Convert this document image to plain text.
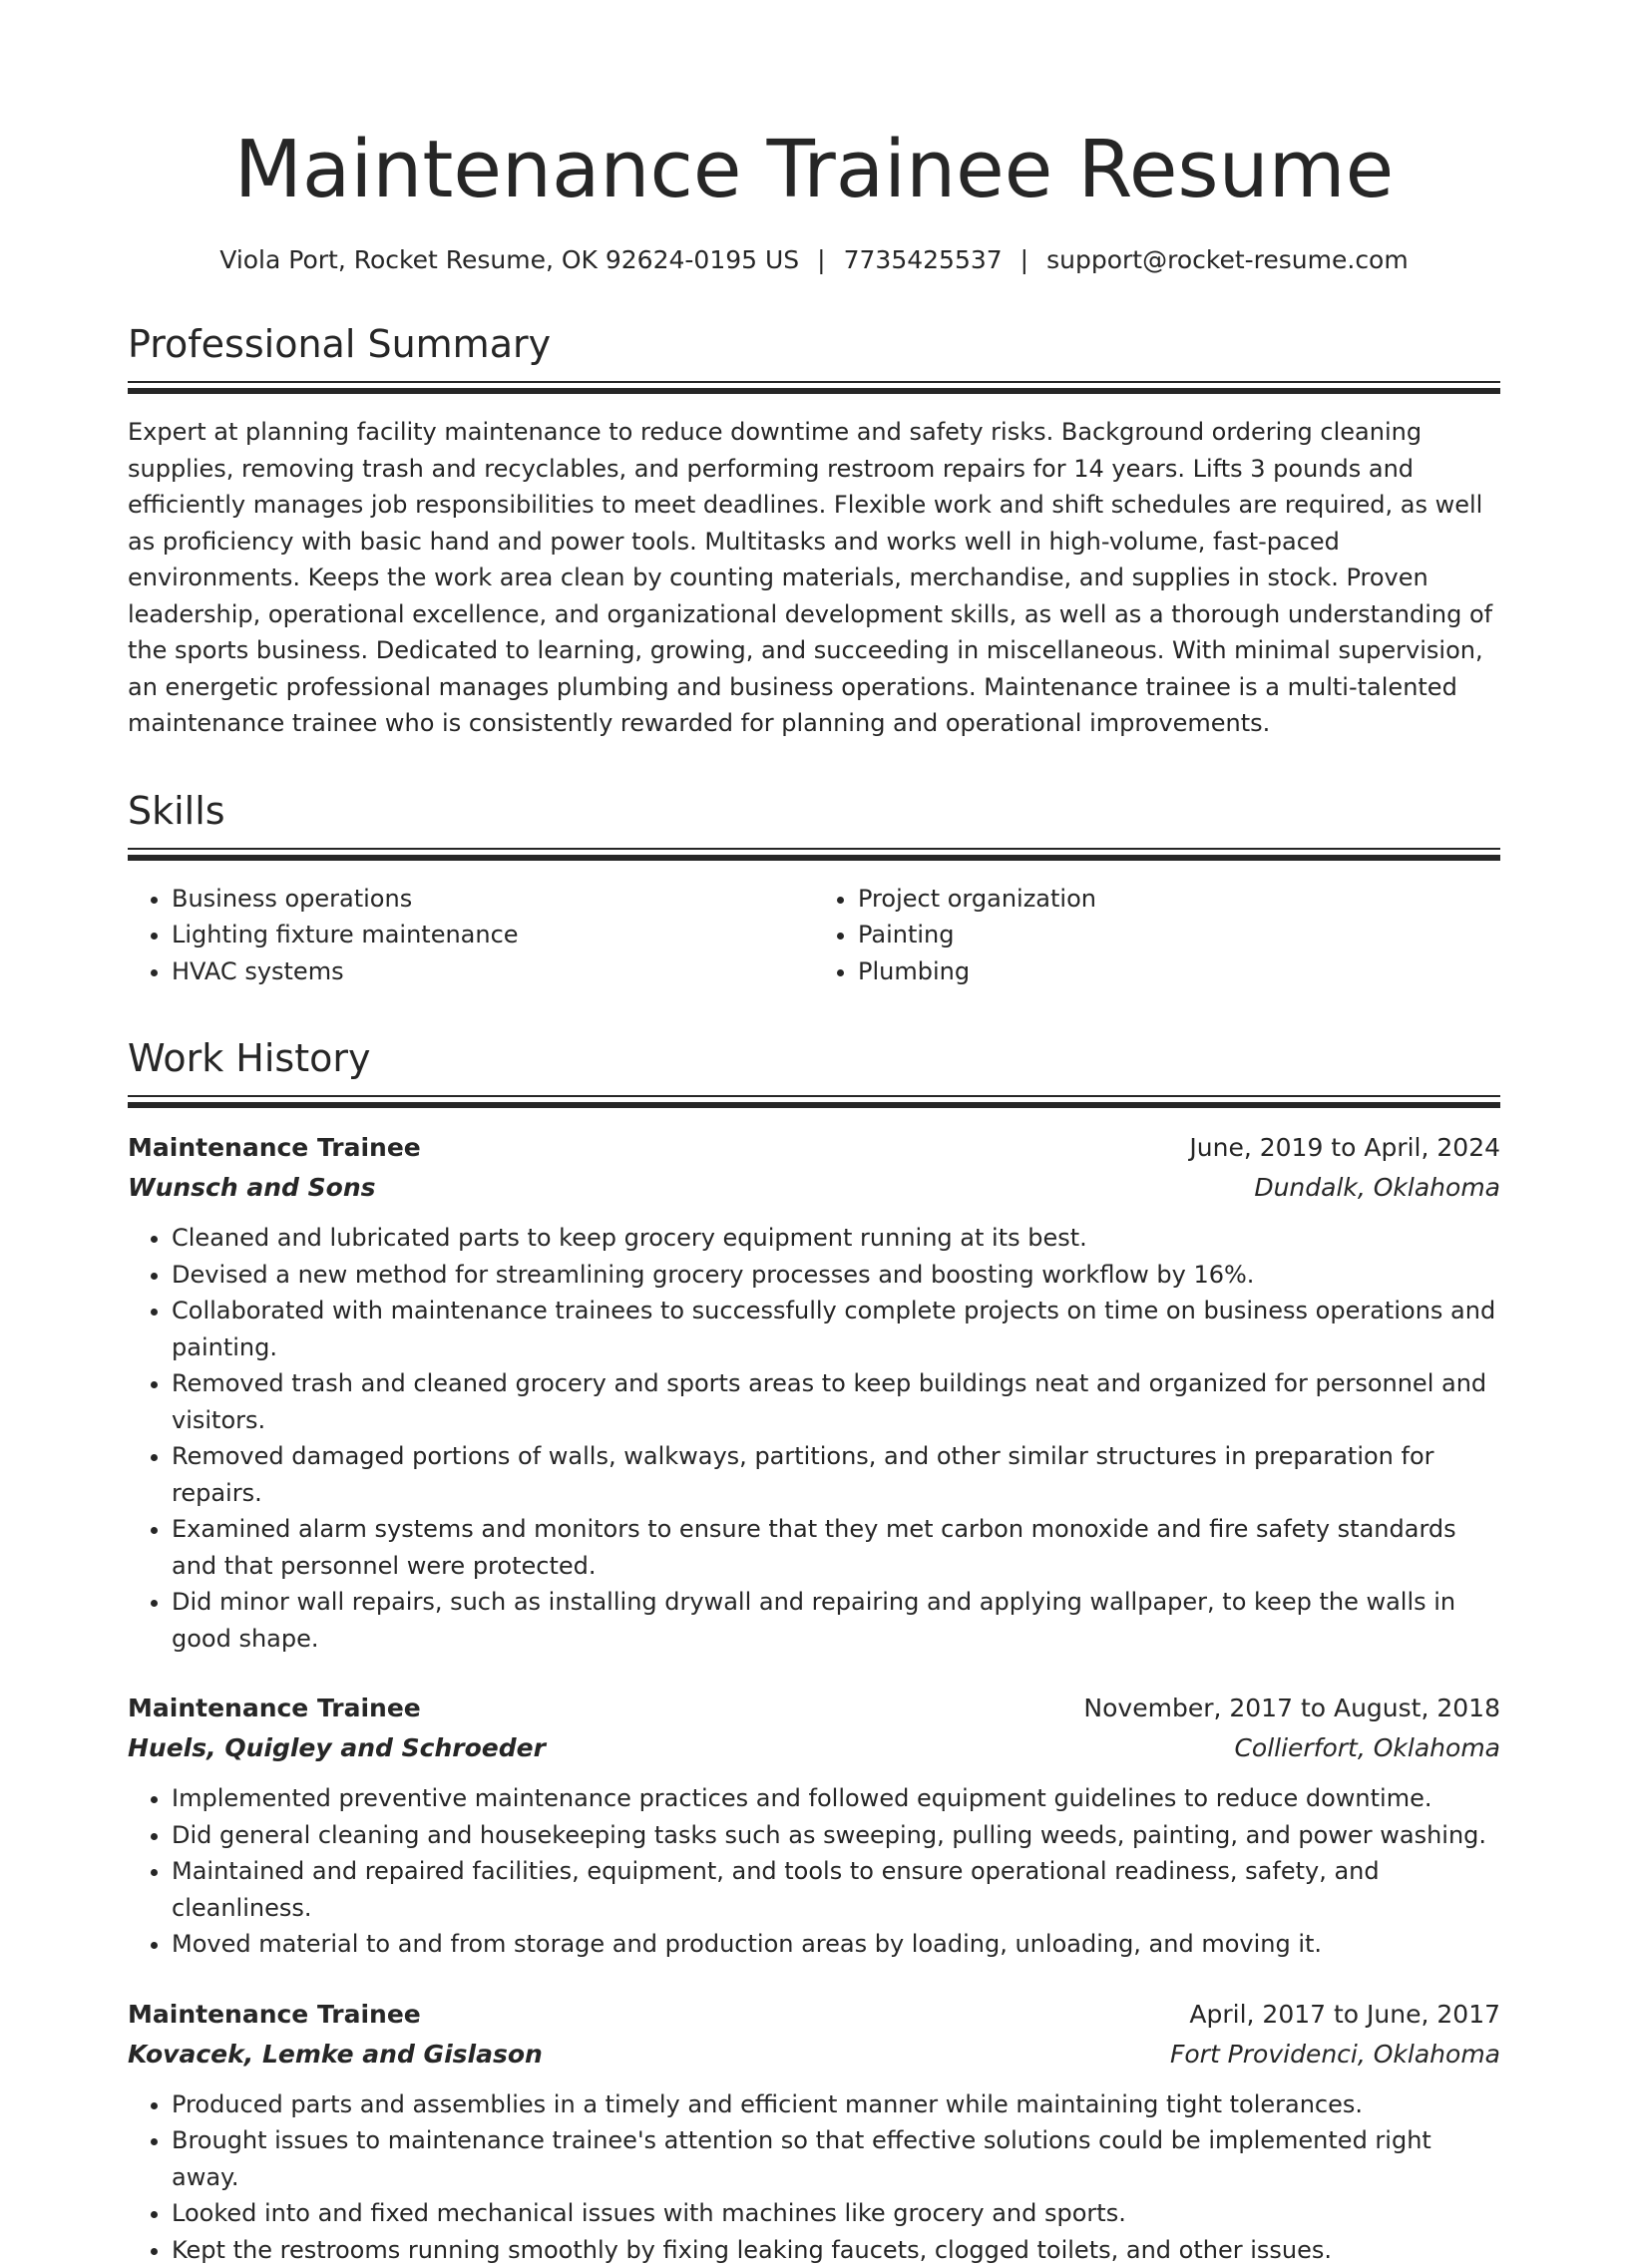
Maintenance Trainee Resume
Viola Port, Rocket Resume, OK 92624-0195 US | 7735425537 | support@rocket-resume.com
Professional Summary

Expert at planning facility maintenance to reduce downtime and safety risks. Background ordering cleaning supplies, removing trash and recyclables, and performing restroom repairs for 14 years. Lifts 3 pounds and efficiently manages job responsibilities to meet deadlines. Flexible work and shift schedules are required, as well as proficiency with basic hand and power tools. Multitasks and works well in high-volume, fast-paced environments. Keeps the work area clean by counting materials, merchandise, and supplies in stock. Proven leadership, operational excellence, and organizational development skills, as well as a thorough understanding of the sports business. Dedicated to learning, growing, and succeeding in miscellaneous. With minimal supervision, an energetic professional manages plumbing and business operations. Maintenance trainee is a multi-talented maintenance trainee who is consistently rewarded for planning and operational improvements.

Skills
• Business operations
• Lighting fixture maintenance
• HVAC systems
• Project organization
• Painting
• Plumbing
Work History
Maintenance Trainee	June, 2019 to April, 2024
Wunsch and Sons	Dundalk, Oklahoma
• Cleaned and lubricated parts to keep grocery equipment running at its best.
• Devised a new method for streamlining grocery processes and boosting workflow by 16%.
• Collaborated with maintenance trainees to successfully complete projects on time on business operations and painting.
• Removed trash and cleaned grocery and sports areas to keep buildings neat and organized for personnel and visitors.
• Removed damaged portions of walls, walkways, partitions, and other similar structures in preparation for repairs.
• Examined alarm systems and monitors to ensure that they met carbon monoxide and fire safety standards and that personnel were protected.
• Did minor wall repairs, such as installing drywall and repairing and applying wallpaper, to keep the walls in good shape.
Maintenance Trainee	November, 2017 to August, 2018
Huels, Quigley and Schroeder	Collierfort, Oklahoma
• Implemented preventive maintenance practices and followed equipment guidelines to reduce downtime.
• Did general cleaning and housekeeping tasks such as sweeping, pulling weeds, painting, and power washing.
• Maintained and repaired facilities, equipment, and tools to ensure operational readiness, safety, and cleanliness.
• Moved material to and from storage and production areas by loading, unloading, and moving it.
Maintenance Trainee	April, 2017 to June, 2017
Kovacek, Lemke and Gislason	Fort Providenci, Oklahoma
• Produced parts and assemblies in a timely and efficient manner while maintaining tight tolerances.
• Brought issues to maintenance trainee's attention so that effective solutions could be implemented right away.
• Looked into and fixed mechanical issues with machines like grocery and sports.
• Kept the restrooms running smoothly by fixing leaking faucets, clogged toilets, and other issues.
